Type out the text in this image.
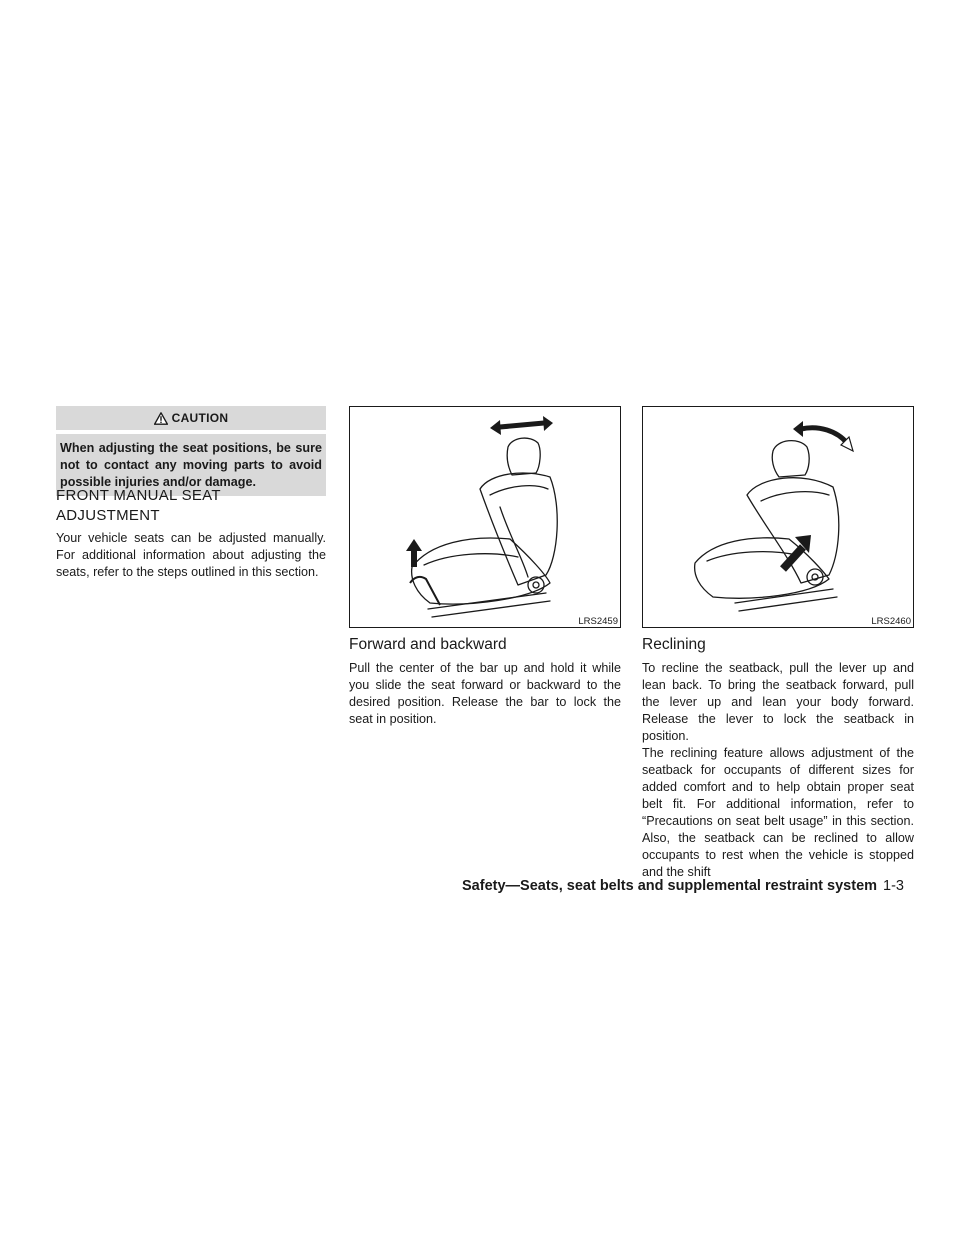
CAUTION
When adjusting the seat positions, be sure not to contact any moving parts to avoid possible injuries and/or damage.
FRONT MANUAL SEAT
ADJUSTMENT
Your vehicle seats can be adjusted manually. For additional information about adjusting the seats, refer to the steps outlined in this section.
LRS2459	LRS2460
Forward and backward
Pull the center of the bar up and hold it while you slide the seat forward or backward to the desired position. Release the bar to lock the seat in position.
Reclining
To recline the seatback, pull the lever up and lean back. To bring the seatback forward, pull the lever up and lean your body forward. Release the lever to lock the seatback in position.
The reclining feature allows adjustment of the seatback for occupants of different sizes for added comfort and to help obtain proper seat belt fit. For additional information, refer to “Precautions on seat belt usage” in this section. Also, the seatback can be reclined to allow occupants to rest when the vehicle is stopped and the shift
Safety—Seats, seat belts and supplemental restraint system 1-3
